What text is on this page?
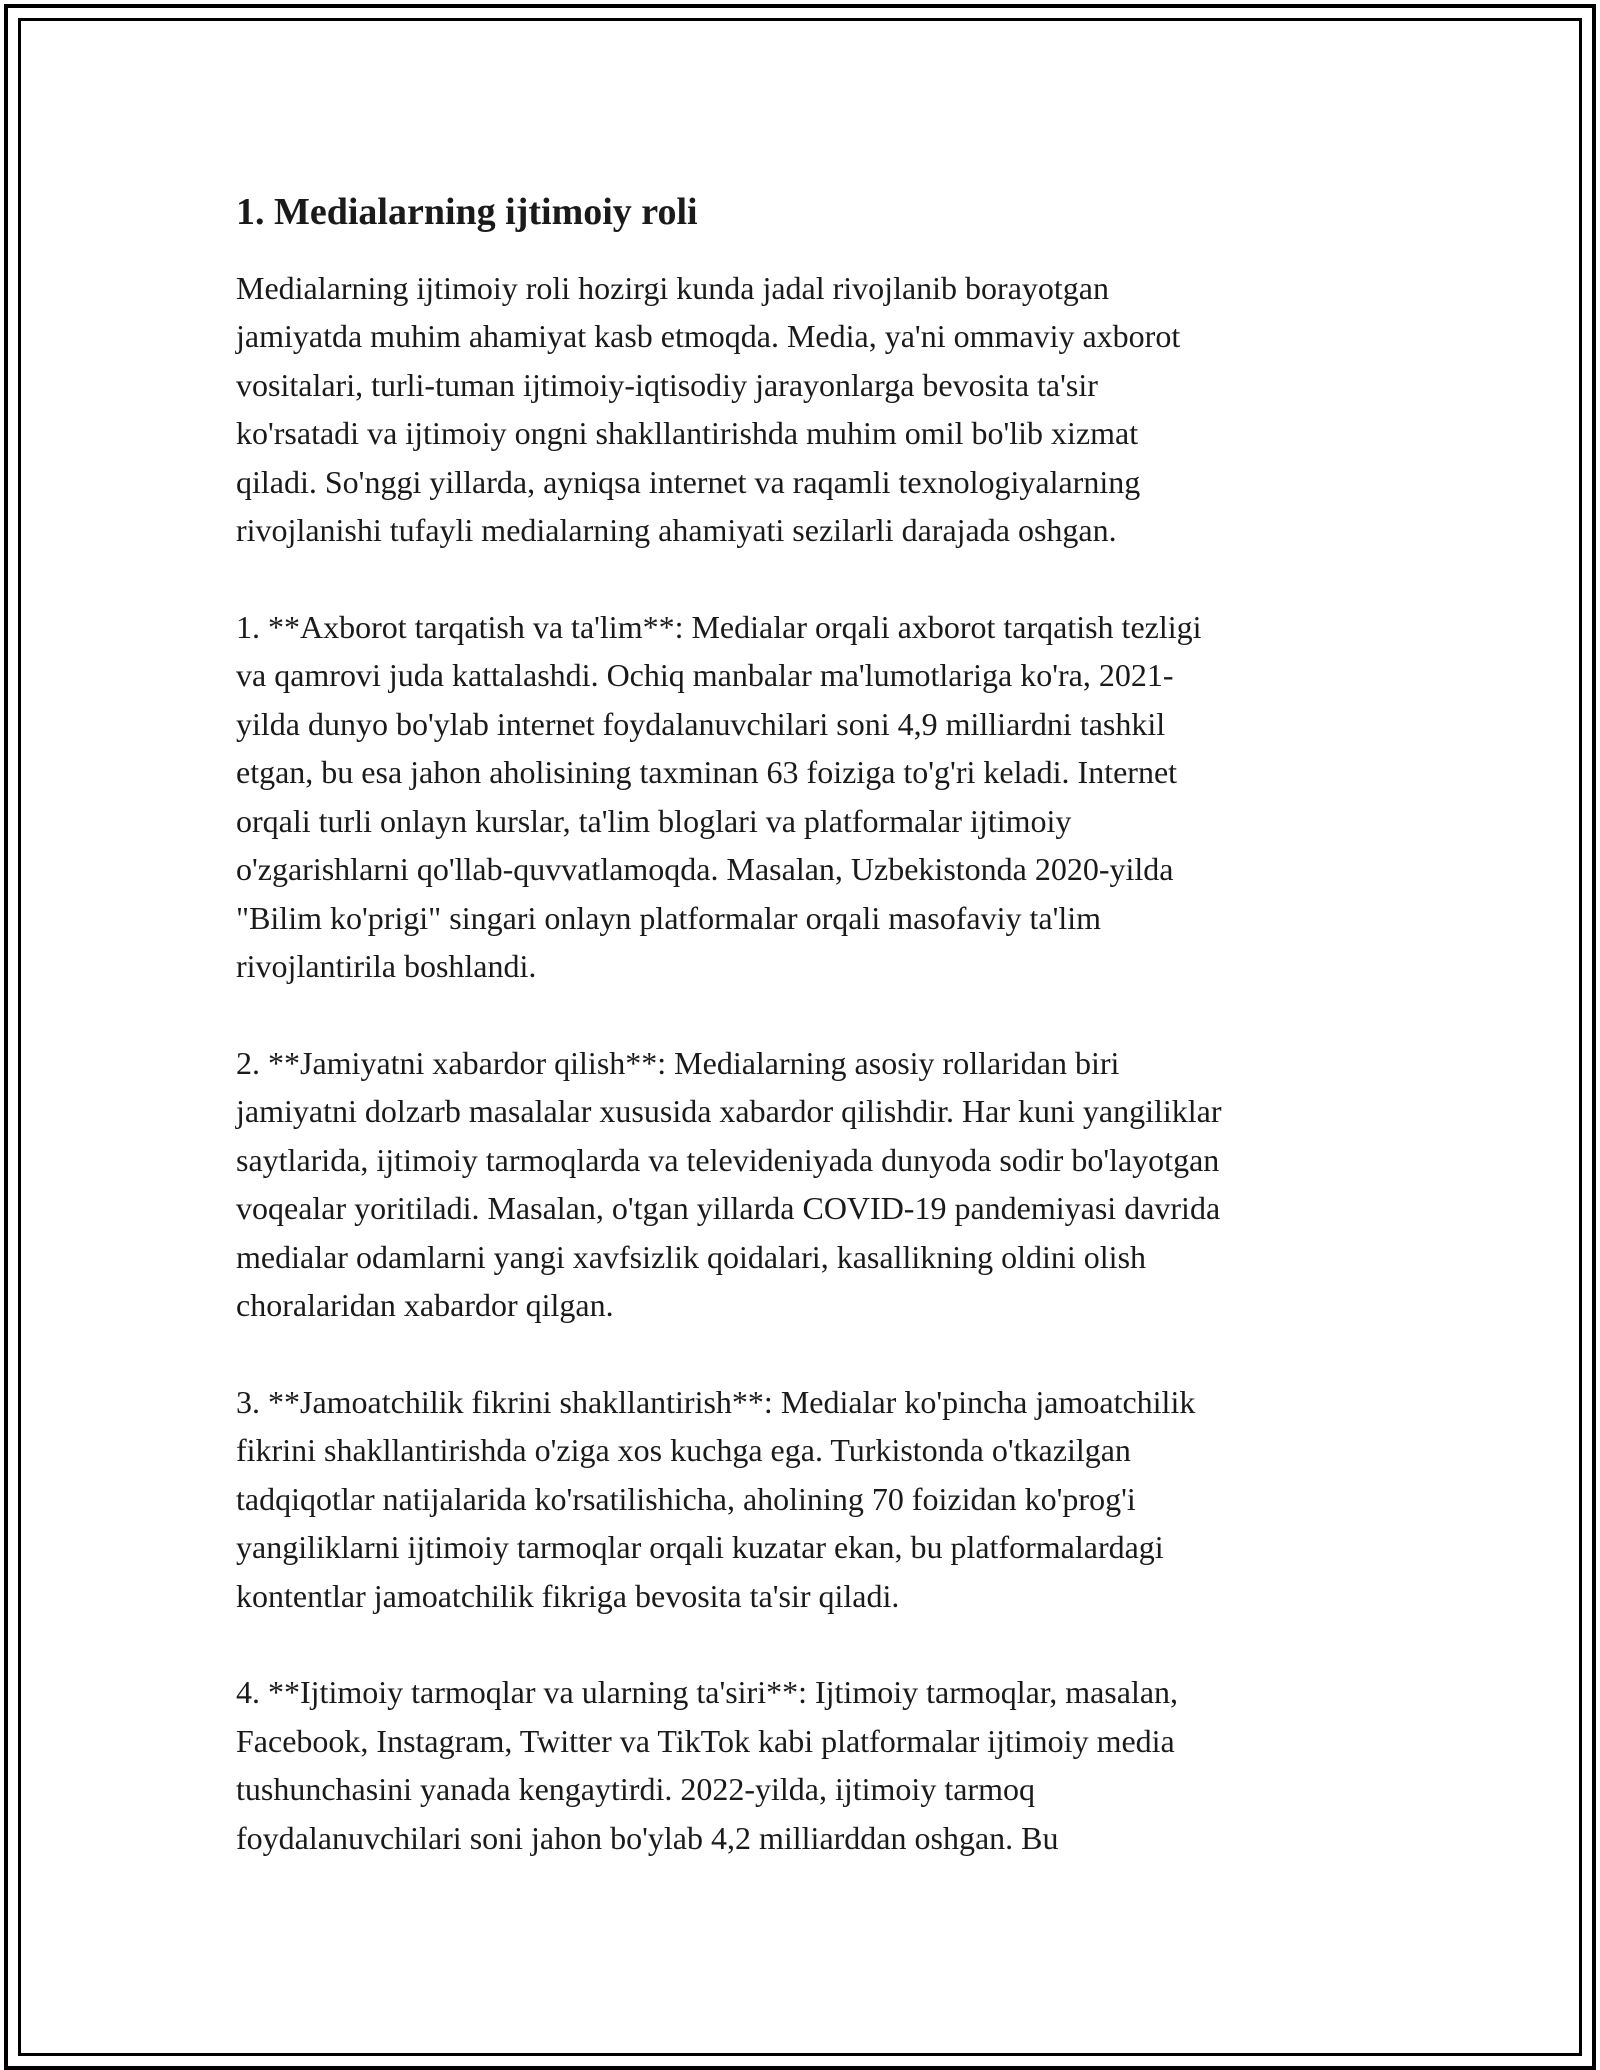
1. Medialarning ijtimoiy roli

Medialarning ijtimoiy roli hozirgi kunda jadal rivojlanib borayotgan
jamiyatda muhim ahamiyat kasb etmoqda. Media, ya'ni ommaviy axborot
vositalari, turli-tuman ijtimoiy-iqtisodiy jarayonlarga bevosita ta'sir
ko'rsatadi va ijtimoiy ongni shakllantirishda muhim omil bo'lib xizmat
qiladi. So'nggi yillarda, ayniqsa internet va raqamli texnologiyalarning
rivojlanishi tufayli medialarning ahamiyati sezilarli darajada oshgan.

1. **Axborot tarqatish va ta'lim**: Medialar orqali axborot tarqatish tezligi
va qamrovi juda kattalashdi. Ochiq manbalar ma'lumotlariga ko'ra, 2021-
yilda dunyo bo'ylab internet foydalanuvchilari soni 4,9 milliardni tashkil
etgan, bu esa jahon aholisining taxminan 63 foiziga to'g'ri keladi. Internet
orqali turli onlayn kurslar, ta'lim bloglari va platformalar ijtimoiy
o'zgarishlarni qo'llab-quvvatlamoqda. Masalan, Uzbekistonda 2020-yilda
"Bilim ko'prigi" singari onlayn platformalar orqali masofaviy ta'lim
rivojlantirila boshlandi.

2. **Jamiyatni xabardor qilish**: Medialarning asosiy rollaridan biri
jamiyatni dolzarb masalalar xususida xabardor qilishdir. Har kuni yangiliklar
saytlarida, ijtimoiy tarmoqlarda va televideniyada dunyoda sodir bo'layotgan
voqealar yoritiladi. Masalan, o'tgan yillarda COVID-19 pandemiyasi davrida
medialar odamlarni yangi xavfsizlik qoidalari, kasallikning oldini olish
choralaridan xabardor qilgan.

3. **Jamoatchilik fikrini shakllantirish**: Medialar ko'pincha jamoatchilik
fikrini shakllantirishda o'ziga xos kuchga ega. Turkistonda o'tkazilgan
tadqiqotlar natijalarida ko'rsatilishicha, aholining 70 foizidan ko'prog'i
yangiliklarni ijtimoiy tarmoqlar orqali kuzatar ekan, bu platformalardagi
kontentlar jamoatchilik fikriga bevosita ta'sir qiladi.

4. **Ijtimoiy tarmoqlar va ularning ta'siri**: Ijtimoiy tarmoqlar, masalan,
Facebook, Instagram, Twitter va TikTok kabi platformalar ijtimoiy media
tushunchasini yanada kengaytirdi. 2022-yilda, ijtimoiy tarmoq
foydalanuvchilari soni jahon bo'ylab 4,2 milliarddan oshgan. Bu
